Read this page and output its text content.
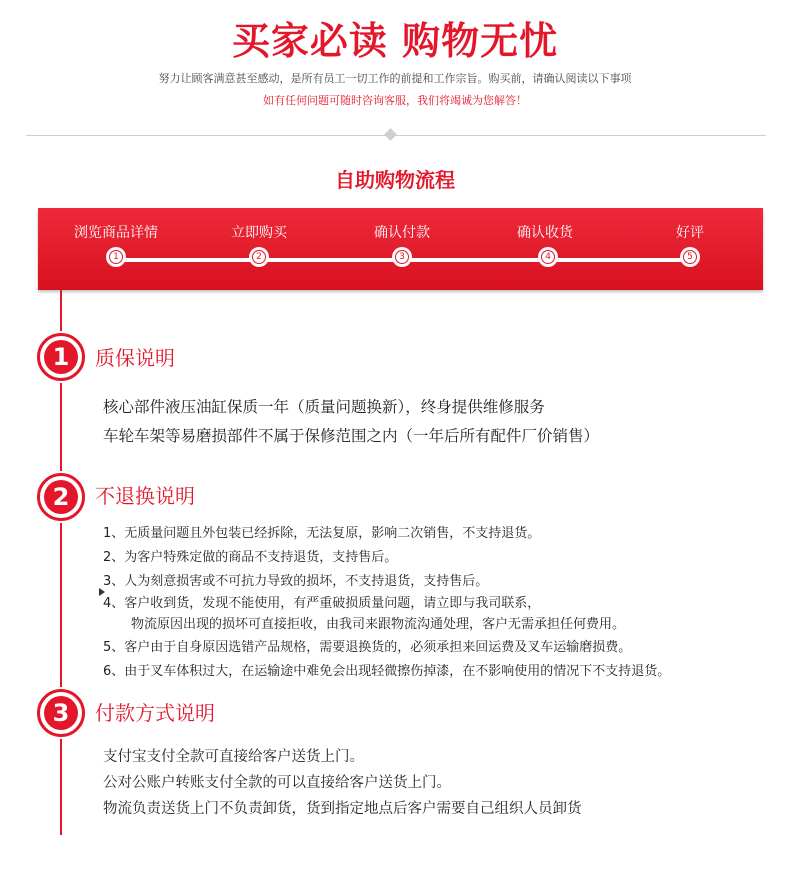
买家必读 购物无忧
努力让顾客满意甚至感动，是所有员工一切工作的前提和工作宗旨。购买前，请确认阅读以下事项
如有任何问题可随时咨询客服，我们将竭诚为您解答！
自助购物流程
浏览商品详情	立即购买	确认付款	确认收货	好评
1	2	3	4	5
1	质保说明
核心部件液压油缸保质一年（质量问题换新），终身提供维修服务
车轮车架等易磨损部件不属于保修范围之内（一年后所有配件厂价销售）
2	不退换说明
1、无质量问题且外包装已经拆除，无法复原，影响二次销售，不支持退货。
2、为客户特殊定做的商品不支持退货，支持售后。
3、人为刻意损害或不可抗力导致的损坏，不支持退货，支持售后。
4、客户收到货，发现不能使用，有严重破损质量问题，请立即与我司联系，
物流原因出现的损坏可直接拒收，由我司来跟物流沟通处理，客户无需承担任何费用。
5、客户由于自身原因选错产品规格，需要退换货的，必须承担来回运费及叉车运输磨损费。
6、由于叉车体积过大，在运输途中难免会出现轻微擦伤掉漆，在不影响使用的情况下不支持退货。
3	付款方式说明
支付宝支付全款可直接给客户送货上门。
公对公账户转账支付全款的可以直接给客户送货上门。
物流负责送货上门不负责卸货，货到指定地点后客户需要自己组织人员卸货
